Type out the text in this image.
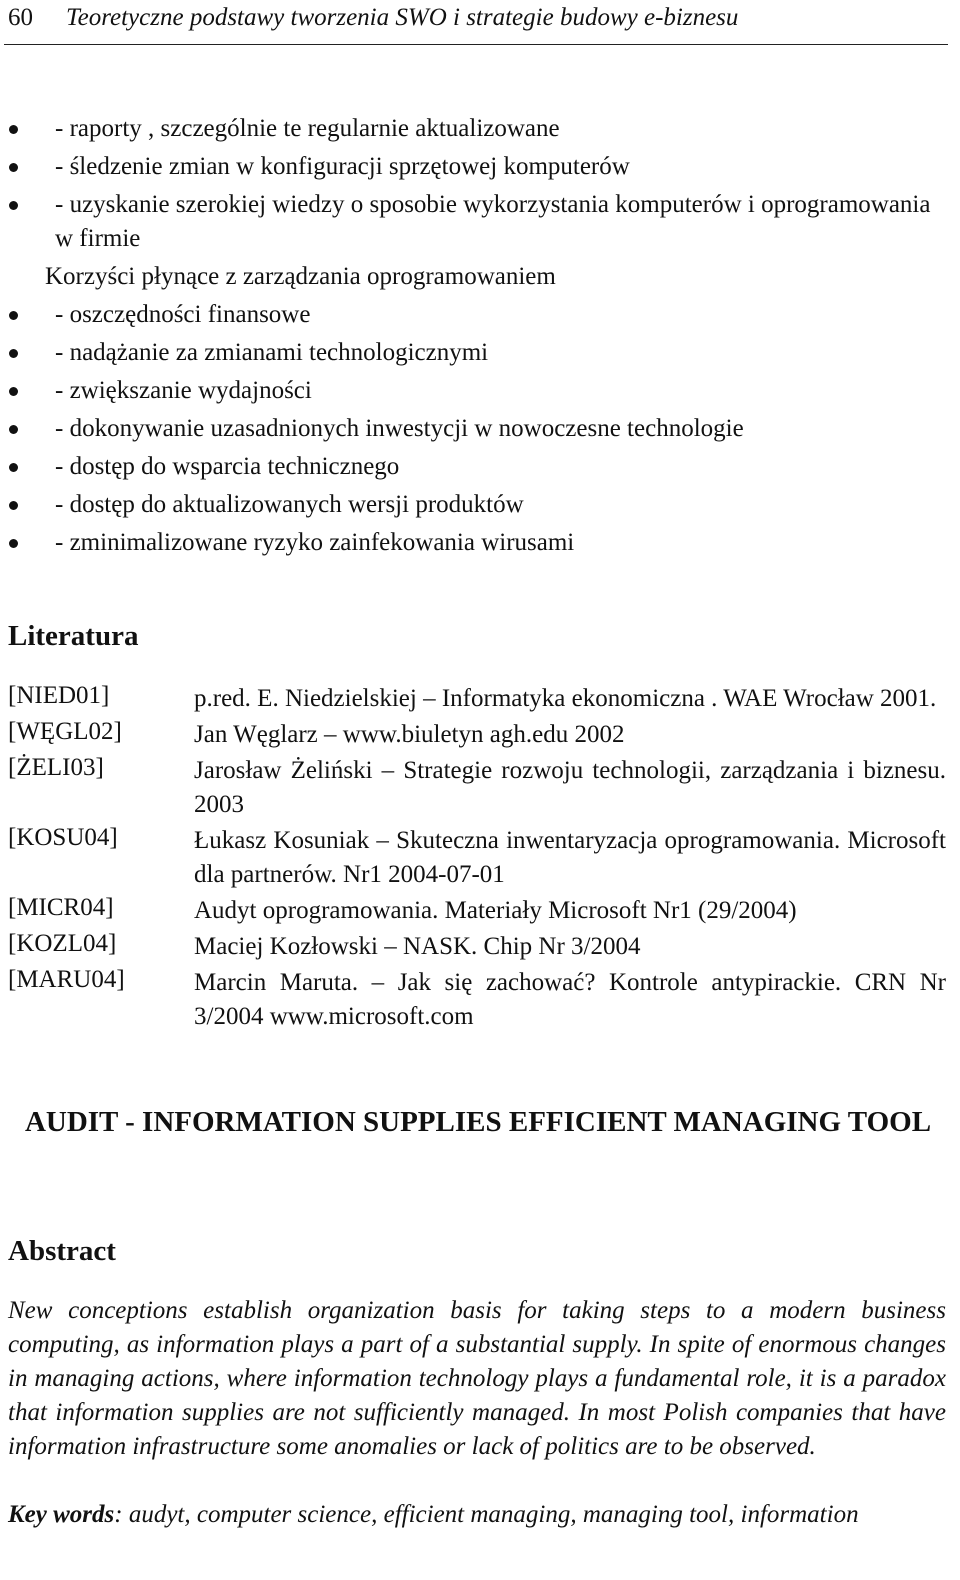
60 Teoretyczne podstawy tworzenia SWO i strategie budowy e-biznesu
- raporty , szczególnie te regularnie aktualizowane
- śledzenie zmian w konfiguracji sprzętowej komputerów
- uzyskanie szerokiej wiedzy o sposobie wykorzystania komputerów i oprogramowania w firmie
Korzyści płynące z zarządzania oprogramowaniem
- oszczędności finansowe
- nadążanie za zmianami technologicznymi
- zwiększanie wydajności
- dokonywanie uzasadnionych inwestycji w nowoczesne technologie
- dostęp do wsparcia technicznego
- dostęp do aktualizowanych wersji produktów
- zminimalizowane ryzyko zainfekowania wirusami
Literatura
[NIED01]	p.red. E. Niedzielskiej – Informatyka ekonomiczna . WAE Wrocław 2001.
[WĘGL02]	Jan Węglarz – www.biuletyn agh.edu 2002
[ŻELI03]	Jarosław Żeliński – Strategie rozwoju technologii, zarządzania i biznesu. 2003
[KOSU04]	Łukasz Kosuniak – Skuteczna inwentaryzacja oprogramowania. Microsoft dla partnerów. Nr1 2004-07-01
[MICR04]	Audyt oprogramowania. Materiały Microsoft Nr1 (29/2004)
[KOZL04]	Maciej Kozłowski – NASK. Chip Nr 3/2004
[MARU04]	Marcin Maruta. – Jak się zachować? Kontrole antypirackie. CRN Nr 3/2004 www.microsoft.com
AUDIT - INFORMATION SUPPLIES EFFICIENT MANAGING TOOL
Abstract

New conceptions establish organization basis for taking steps to a modern business computing, as information plays a part of a substantial supply. In spite of enormous changes in managing actions, where information technology plays a fundamental role, it is a paradox that information supplies are not sufficiently managed. In most Polish companies that have information infrastructure some anomalies or lack of politics are to be observed.

Key words: audyt, computer science, efficient managing, managing tool, information
